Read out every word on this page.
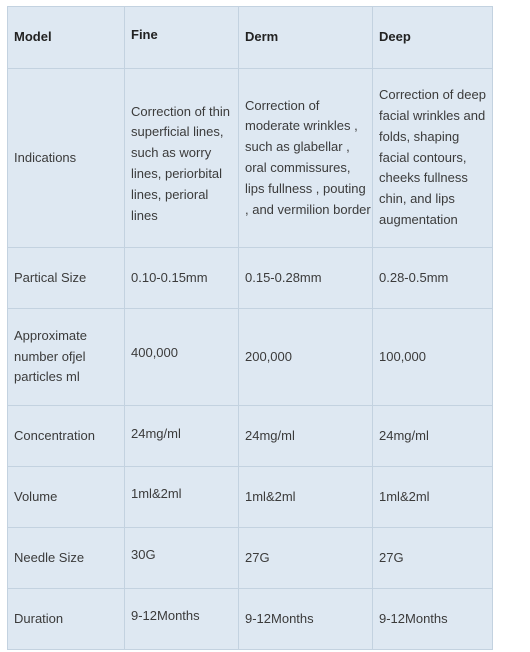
Model	Fine	Derm	Deep
Indications	Correction of thin superficial lines, such as worry lines, periorbital lines, perioral lines	Correction of moderate wrinkles , such as glabellar , oral commissures, lips fullness , pouting , and vermilion border	Correction of deep facial wrinkles and folds, shaping facial contours, cheeks fullness chin, and lips augmentation

Partical Size	0.10-0.15mm	0.15-0.28mm	0.28-0.5mm
Approximate number ofjel particles ml	400,000	200,000	100,000
Concentration	24mg/ml	24mg/ml	24mg/ml
Volume	1ml&2ml	1ml&2ml	1ml&2ml
Needle Size	30G	27G	27G
Duration	9-12Months	9-12Months	9-12Months
